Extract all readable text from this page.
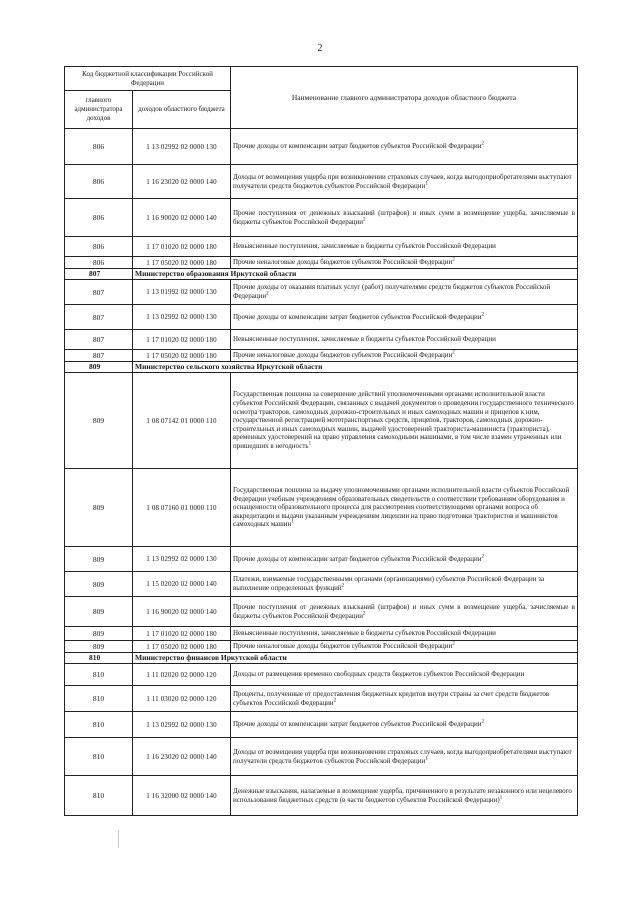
2
Код бюджетной классификации Российской Федерации		Наименование главного администратора доходов областного бюджета
главного администратора доходов	доходов областного бюджета	
806	1 13 02992 02 0000 130	Прочие доходы от компенсации затрат бюджетов субъектов Российской Федерации$^2$
806	1 16 23020 02 0000 140	Доходы от возмещения ущерба при возникновении страховых случаев, когда выгодоприобретателями выступают получатели средств бюджетов субъектов Российской Федерации$^1$
806	1 16 90020 02 0000 140	Прочие поступления от денежных взысканий (штрафов) и иных сумм в возмещение ущерба, зачисляемые в бюджеты субъектов Российской Федерации$^2$
806	1 17 01020 02 0000 180	Невыясненные поступления, зачисляемые в бюджеты субъектов Российской Федерации
806	1 17 05020 02 0000 180	Прочие неналоговые доходы бюджетов субъектов Российской Федерации$^2$
807	Министерство образования Иркутской области	
807	1 13 01992 02 0000 130	Прочие доходы от оказания платных услуг (работ) получателями средств бюджетов субъектов Российской Федерации$^2$
807	1 13 02992 02 0000 130	Прочие доходы от компенсации затрат бюджетов субъектов Российской Федерации$^2$
807	1 17 01020 02 0000 180	Невыясненные поступления, зачисляемые в бюджеты субъектов Российской Федерации
807	1 17 05020 02 0000 180	Прочие неналоговые доходы бюджетов субъектов Российской Федерации$^2$
809	Министерство сельского хозяйства Иркутской области	
809	1 08 07142 01 0000 110	Государственная пошлина за совершение действий уполномоченными органами исполнительной власти субъектов Российской Федерации, связанных с выдачей документов о проведении государственного технического осмотра тракторов, самоходных дорожно-строительных и иных самоходных машин и прицепов к ним, государственной регистрацией мототранспортных средств, прицепов, тракторов, самоходных дорожно-строительных и иных самоходных машин, выдачей удостоверений тракториста-машиниста (тракториста), временных удостоверений на право управления самоходными машинами, в том числе взамен утраченных или пришедших в негодность$^1$
809	1 08 07160 01 0000 110	Государственная пошлина за выдачу уполномоченными органами исполнительной власти субъектов Российской Федерации учебным учреждениям образовательных свидетельств о соответствии требованиям оборудования и оснащенности образовательного процесса для рассмотрения соответствующими органами вопроса об аккредитации и выдачи указанным учреждениям лицензии на право подготовки трактористов и машинистов самоходных машин$^1$
809	1 13 02992 02 0000 130	Прочие доходы от компенсации затрат бюджетов субъектов Российской Федерации$^2$
809	1 15 02020 02 0000 140	Платежи, взимаемые государственными органами (организациями) субъектов Российской Федерации за выполнение определенных функций$^2$
809	1 16 90020 02 0000 140	Прочие поступления от денежных взысканий (штрафов) и иных сумм в возмещение ущерба, зачисляемые в бюджеты субъектов Российской Федерации$^2$
809	1 17 01020 02 0000 180	Невыясненные поступления, зачисляемые в бюджеты субъектов Российской Федерации
809	1 17 05020 02 0000 180	Прочие неналоговые доходы бюджетов субъектов Российской Федерации$^2$
810	Министерство финансов Иркутской области	
810	1 11 02020 02 0000 120	Доходы от размещения временно свободных средств бюджетов субъектов Российской Федерации
810	1 11 03020 02 0000 120	Проценты, полученные от предоставления бюджетных кредитов внутри страны за счет средств бюджетов субъектов Российской Федерации$^2$
810	1 13 02992 02 0000 130	Прочие доходы от компенсации затрат бюджетов субъектов Российской Федерации$^2$
810	1 16 23020 02 0000 140	Доходы от возмещения ущерба при возникновении страховых случаев, когда выгодоприобретателями выступают получатели средств бюджетов субъектов Российской Федерации$^1$
810	1 16 32000 02 0000 140	Денежные взыскания, налагаемые в возмещение ущерба, причиненного в результате незаконного или нецелевого использования бюджетных средств (в части бюджетов субъектов Российской Федерации)$^1$
